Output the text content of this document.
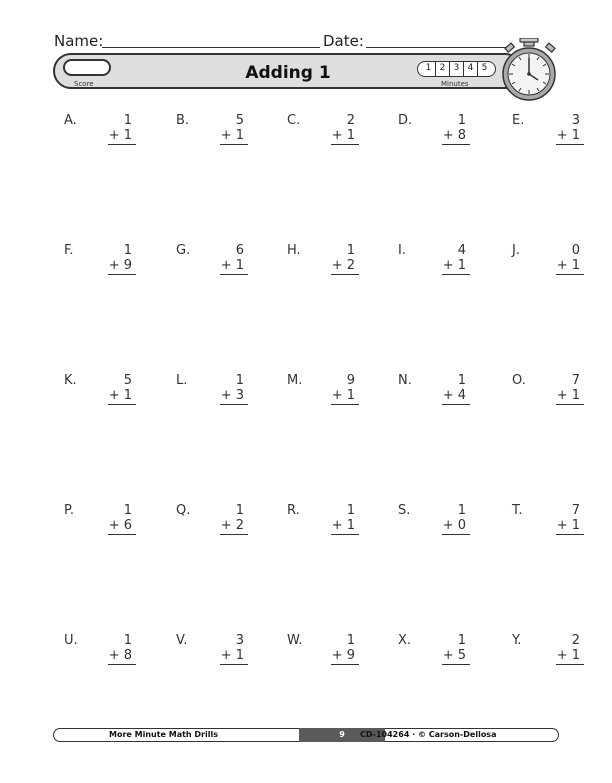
Name:	Date:
Score
Adding 1	1 2 3 4 5
Minutes
A.	1
+ 1
B.	5
+ 1
C.	2
+ 1
D.	1
+ 8
E.	3
+ 1
F.	1
+ 9
G.	6
+ 1
H.	1
+ 2
I.	4
+ 1
J.	0
+ 1
K.	5
+ 1
L.	1
+ 3
M.	9
+ 1
N.	1
+ 4
O.	7
+ 1
P.	1
+ 6
Q.	1
+ 2
R.	1
+ 1
S.	1
+ 0
T.	7
+ 1
U.	1
+ 8
V.	3
+ 1
W.	1
+ 9
X.	1
+ 5
Y.	2
+ 1
More Minute Math Drills	9	CD-104264 · © Carson-Dellosa
